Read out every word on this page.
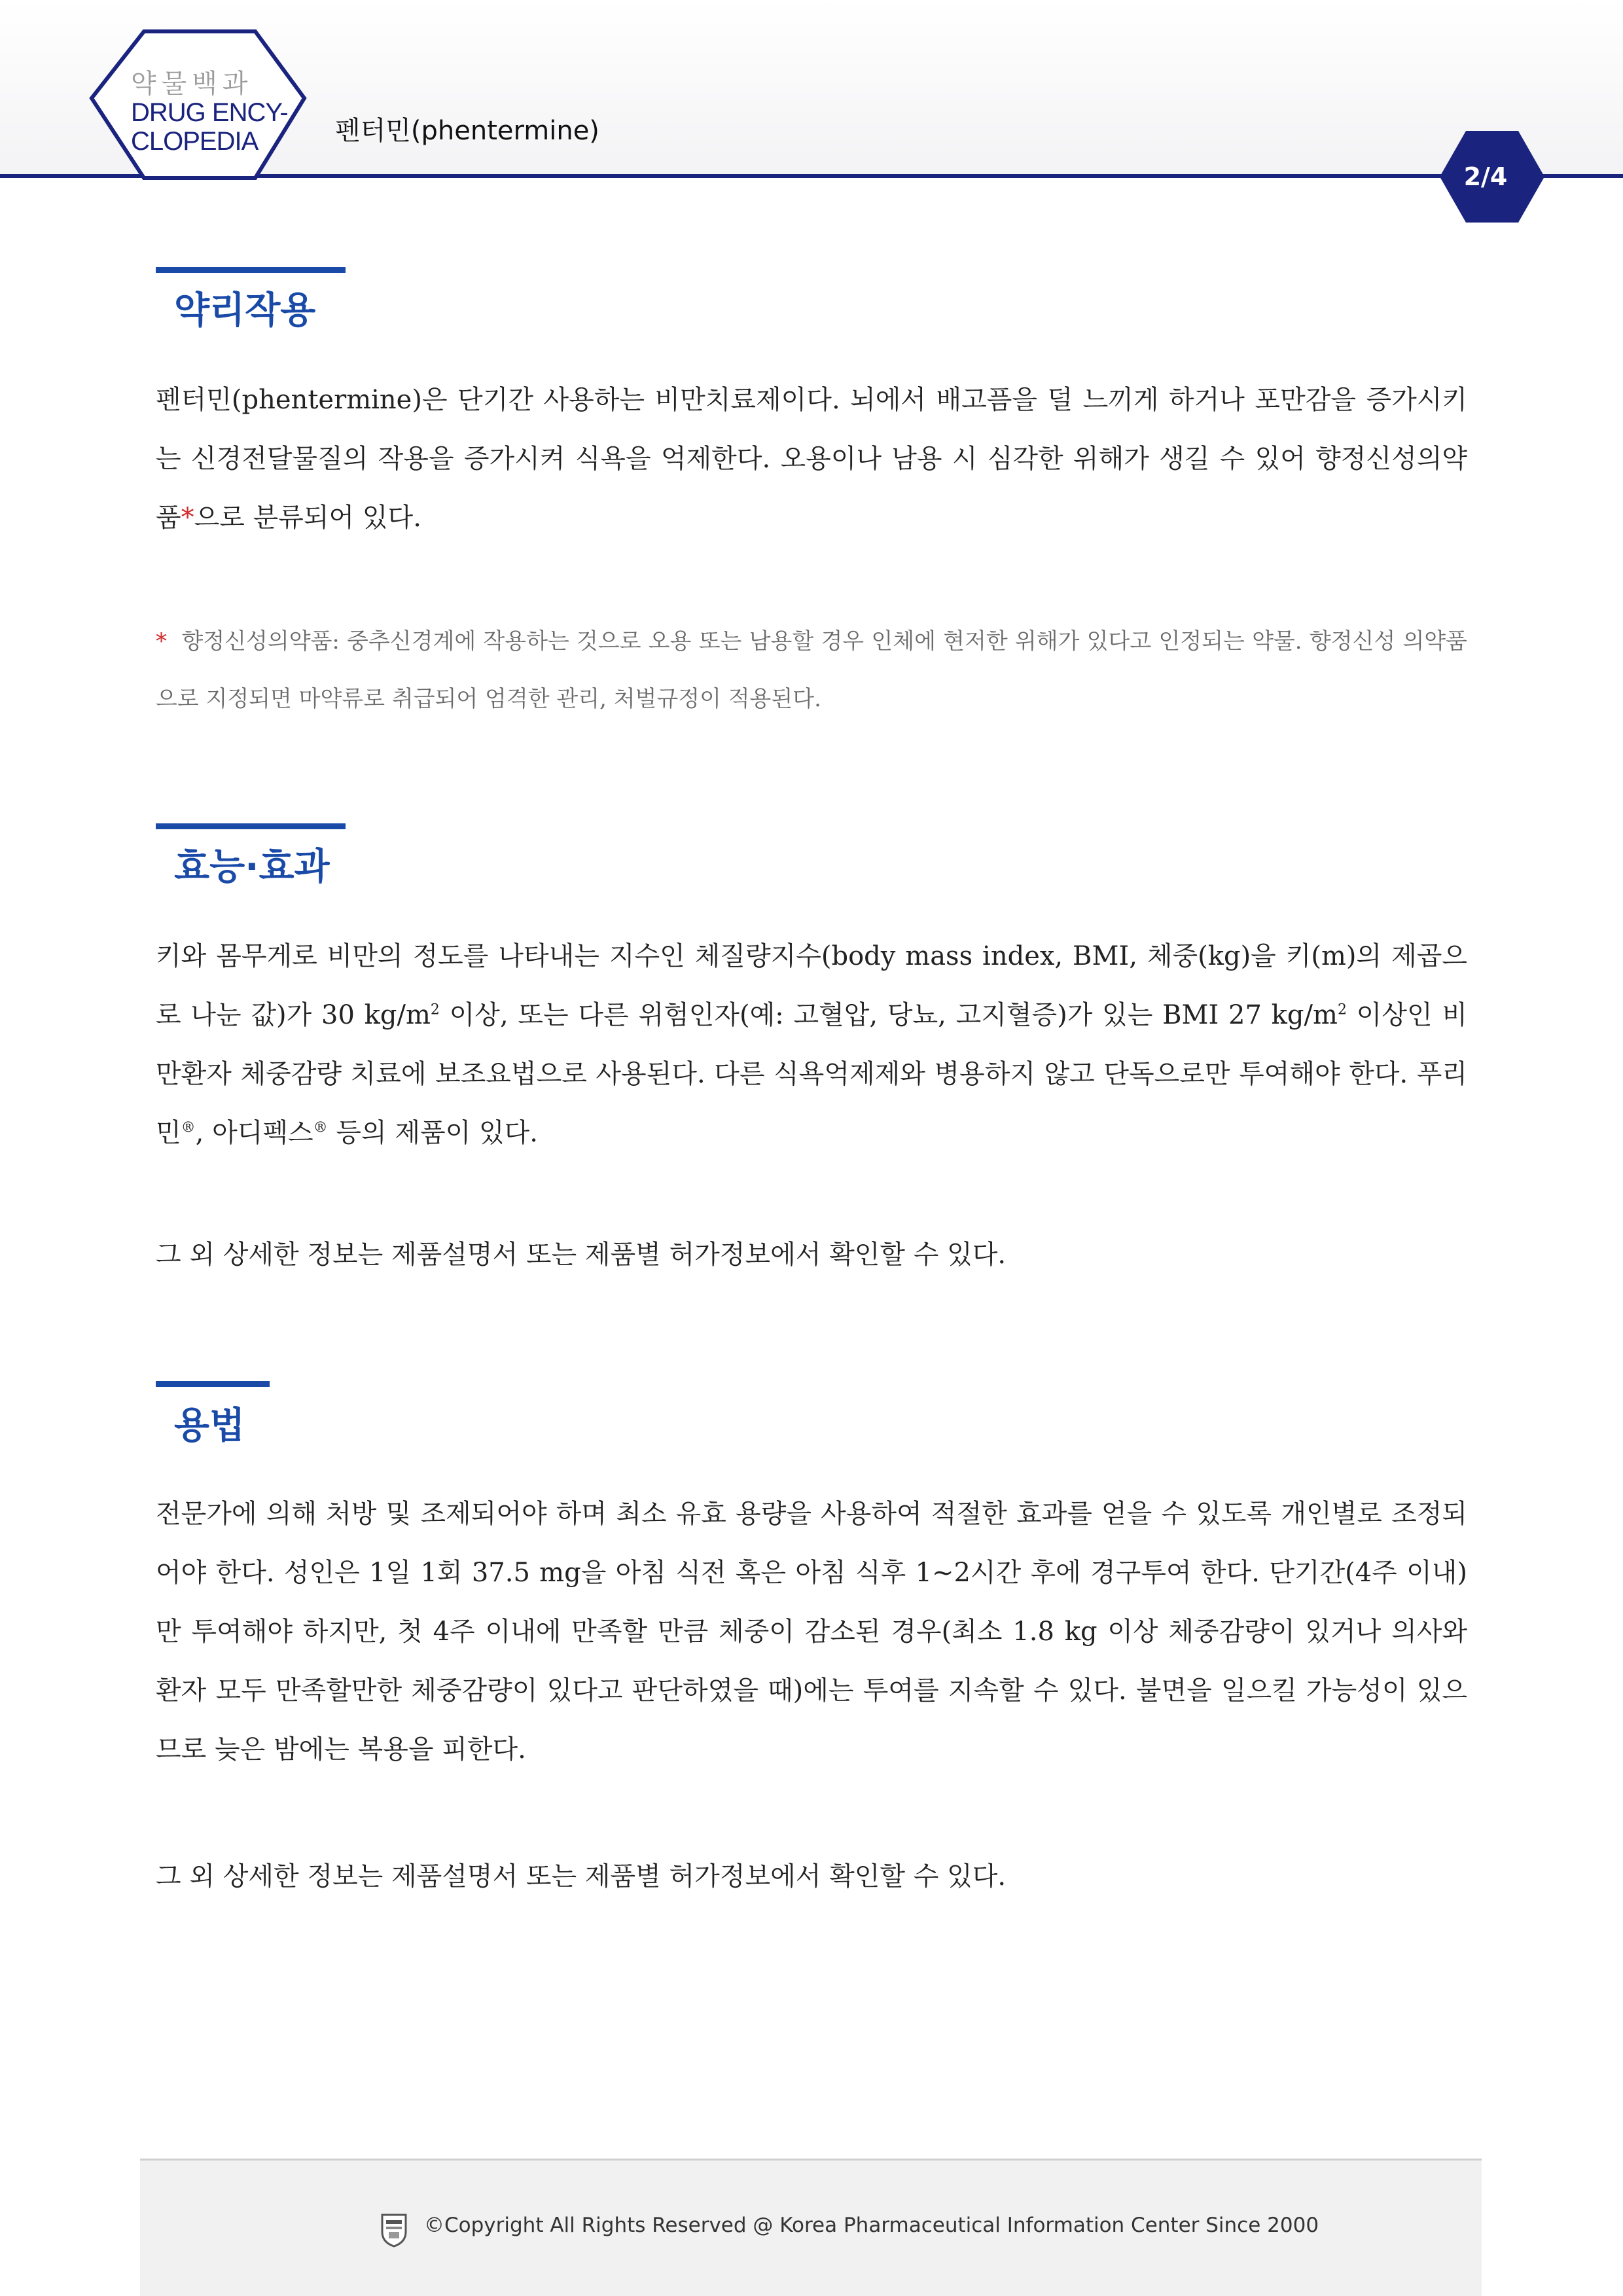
약물백과
DRUG ENCY-
CLOPEDIA	펜터민(phentermine)
2/4
약리작용
펜터민(phentermine)은 단기간 사용하는 비만치료제이다. 뇌에서 배고픔을 덜 느끼게 하거나 포만감을 증가시키는 신경전달물질의 작용을 증가시켜 식욕을 억제한다. 오용이나 남용 시 심각한 위해가 생길 수 있어 향정신성의약품*으로 분류되어 있다.
* 향정신성의약품: 중추신경계에 작용하는 것으로 오용 또는 남용할 경우 인체에 현저한 위해가 있다고 인정되는 약물. 향정신성 의약품으로 지정되면 마약류로 취급되어 엄격한 관리, 처벌규정이 적용된다.
효능·효과
키와 몸무게로 비만의 정도를 나타내는 지수인 체질량지수(body mass index, BMI, 체중(kg)을 키(m)의 제곱으로 나눈 값)가 30 $kg/m^2$ 이상, 또는 다른 위험인자(예: 고혈압, 당뇨, 고지혈증)가 있는 BMI 27 $kg/m^2$ 이상인 비만환자 체중감량 치료에 보조요법으로 사용된다. 다른 식욕억제제와 병용하지 않고 단독으로만 투여해야 한다. 푸리민®, 아디펙스® 등의 제품이 있다.
그 외 상세한 정보는 제품설명서 또는 제품별 허가정보에서 확인할 수 있다.
용법
전문가에 의해 처방 및 조제되어야 하며 최소 유효 용량을 사용하여 적절한 효과를 얻을 수 있도록 개인별로 조정되어야 한다. 성인은 1일 1회 37.5 mg을 아침 식전 혹은 아침 식후 1~2시간 후에 경구투여 한다. 단기간(4주 이내)만 투여해야 하지만, 첫 4주 이내에 만족할 만큼 체중이 감소된 경우(최소 1.8 kg 이상 체중감량이 있거나 의사와 환자 모두 만족할만한 체중감량이 있다고 판단하였을 때)에는 투여를 지속할 수 있다. 불면을 일으킬 가능성이 있으므로 늦은 밤에는 복용을 피한다.
그 외 상세한 정보는 제품설명서 또는 제품별 허가정보에서 확인할 수 있다.
©Copyright All Rights Reserved @ Korea Pharmaceutical Information Center Since 2000
